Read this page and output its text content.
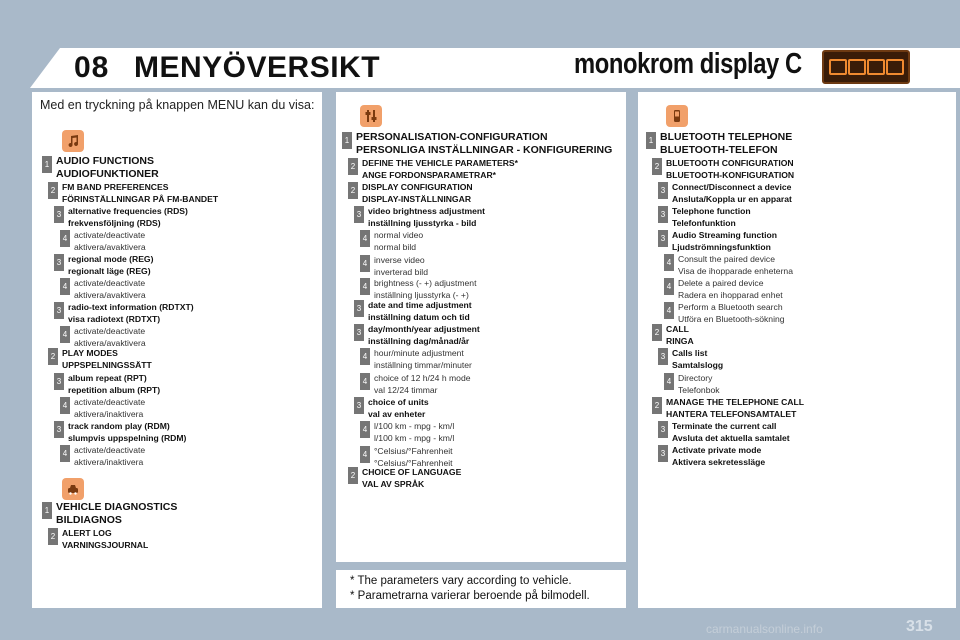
08 MENYÖVERSIKT	monokrom display C
Med en tryckning på knappen MENU kan du visa:
1 AUDIO FUNCTIONS
AUDIOFUNKTIONER
2 FM BAND PREFERENCES
FÖRINSTÄLLNINGAR PÅ FM-BANDET
3 alternative frequencies (RDS)
frekvensföljning (RDS)
4 activate/deactivate
aktivera/avaktivera
3 regional mode (REG)
regionalt läge (REG)
4 activate/deactivate
aktivera/avaktivera
3 radio-text information (RDTXT)
visa radiotext (RDTXT)
4 activate/deactivate
aktivera/avaktivera
2 PLAY MODES
UPPSPELNINGSSÄTT
3 album repeat (RPT)
repetition album (RPT)
4 activate/deactivate
aktivera/inaktivera
3 track random play (RDM)
slumpvis uppspelning (RDM)
4 activate/deactivate
aktivera/inaktivera
1 VEHICLE DIAGNOSTICS
BILDIAGNOS
2 ALERT LOG
VARNINGSJOURNAL
1 PERSONALISATION-CONFIGURATION
PERSONLIGA INSTÄLLNINGAR - KONFIGURERING
2 DEFINE THE VEHICLE PARAMETERS*
ANGE FORDONSPARAMETRAR*
2 DISPLAY CONFIGURATION
DISPLAY-INSTÄLLNINGAR
3 video brightness adjustment
inställning ljusstyrka - bild
4 normal video
normal bild
4 inverse video
inverterad bild
4 brightness (- +) adjustment
inställning ljusstyrka (- +)
3 date and time adjustment
inställning datum och tid
3 day/month/year adjustment
inställning dag/månad/år
4 hour/minute adjustment
inställning timmar/minuter
4 choice of 12 h/24 h mode
val 12/24 timmar
3 choice of units
val av enheter
4 l/100 km - mpg - km/l
l/100 km - mpg - km/l
4 °Celsius/°Fahrenheit
°Celsius/°Fahrenheit
2 CHOICE OF LANGUAGE
VAL AV SPRÅK
1 BLUETOOTH TELEPHONE
BLUETOOTH-TELEFON
2 BLUETOOTH CONFIGURATION
BLUETOOTH-KONFIGURATION
3 Connect/Disconnect a device
Ansluta/Koppla ur en apparat
3 Telephone function
Telefonfunktion
3 Audio Streaming function
Ljudströmningsfunktion
4 Consult the paired device
Visa de ihopparade enheterna
4 Delete a paired device
Radera en ihopparad enhet
4 Perform a Bluetooth search
Utföra en Bluetooth-sökning
2 CALL
RINGA
3 Calls list
Samtalslogg
4 Directory
Telefonbok
2 MANAGE THE TELEPHONE CALL
HANTERA TELEFONSAMTALET
3 Terminate the current call
Avsluta det aktuella samtalet
3 Activate private mode
Aktivera sekretessläge
* The parameters vary according to vehicle.
* Parametrarna varierar beroende på bilmodell.
carmanualsonline.info	315
